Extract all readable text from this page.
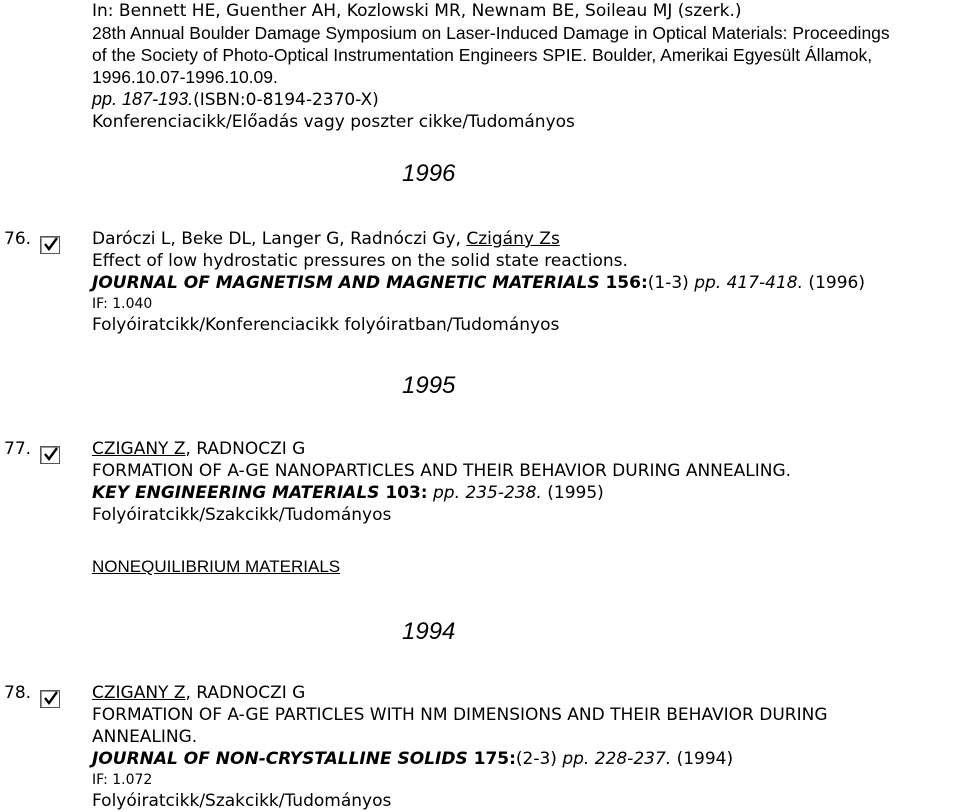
In: Bennett HE, Guenther AH, Kozlowski MR, Newnam BE, Soileau MJ (szerk.)

28th Annual Boulder Damage Symposium on Laser-Induced Damage in Optical Materials: Proceedings

of the Society of Photo-Optical Instrumentation Engineers SPIE. Boulder, Amerikai Egyesült Államok,

1996.10.07-1996.10.09.

pp. 187-193.(ISBN:0-8194-2370-X)

Konferenciacikk/Előadás vagy poszter cikke/Tudományos

1996
76.	Daróczi L, Beke DL, Langer G, Radnóczi Gy, Czigány Zs

Effect of low hydrostatic pressures on the solid state reactions.

JOURNAL OF MAGNETISM AND MAGNETIC MATERIALS 156:(1-3) pp. 417-418. (1996)

IF: 1.040

Folyóiratcikk/Konferenciacikk folyóiratban/Tudományos

1995
77.	CZIGANY Z, RADNOCZI G

FORMATION OF A-GE NANOPARTICLES AND THEIR BEHAVIOR DURING ANNEALING.

KEY ENGINEERING MATERIALS 103: pp. 235-238. (1995)

Folyóiratcikk/Szakcikk/Tudományos

NONEQUILIBRIUM MATERIALS
1994
78.	CZIGANY Z, RADNOCZI G

FORMATION OF A-GE PARTICLES WITH NM DIMENSIONS AND THEIR BEHAVIOR DURING

ANNEALING.

JOURNAL OF NON-CRYSTALLINE SOLIDS 175:(2-3) pp. 228-237. (1994)

IF: 1.072

Folyóiratcikk/Szakcikk/Tudományos
